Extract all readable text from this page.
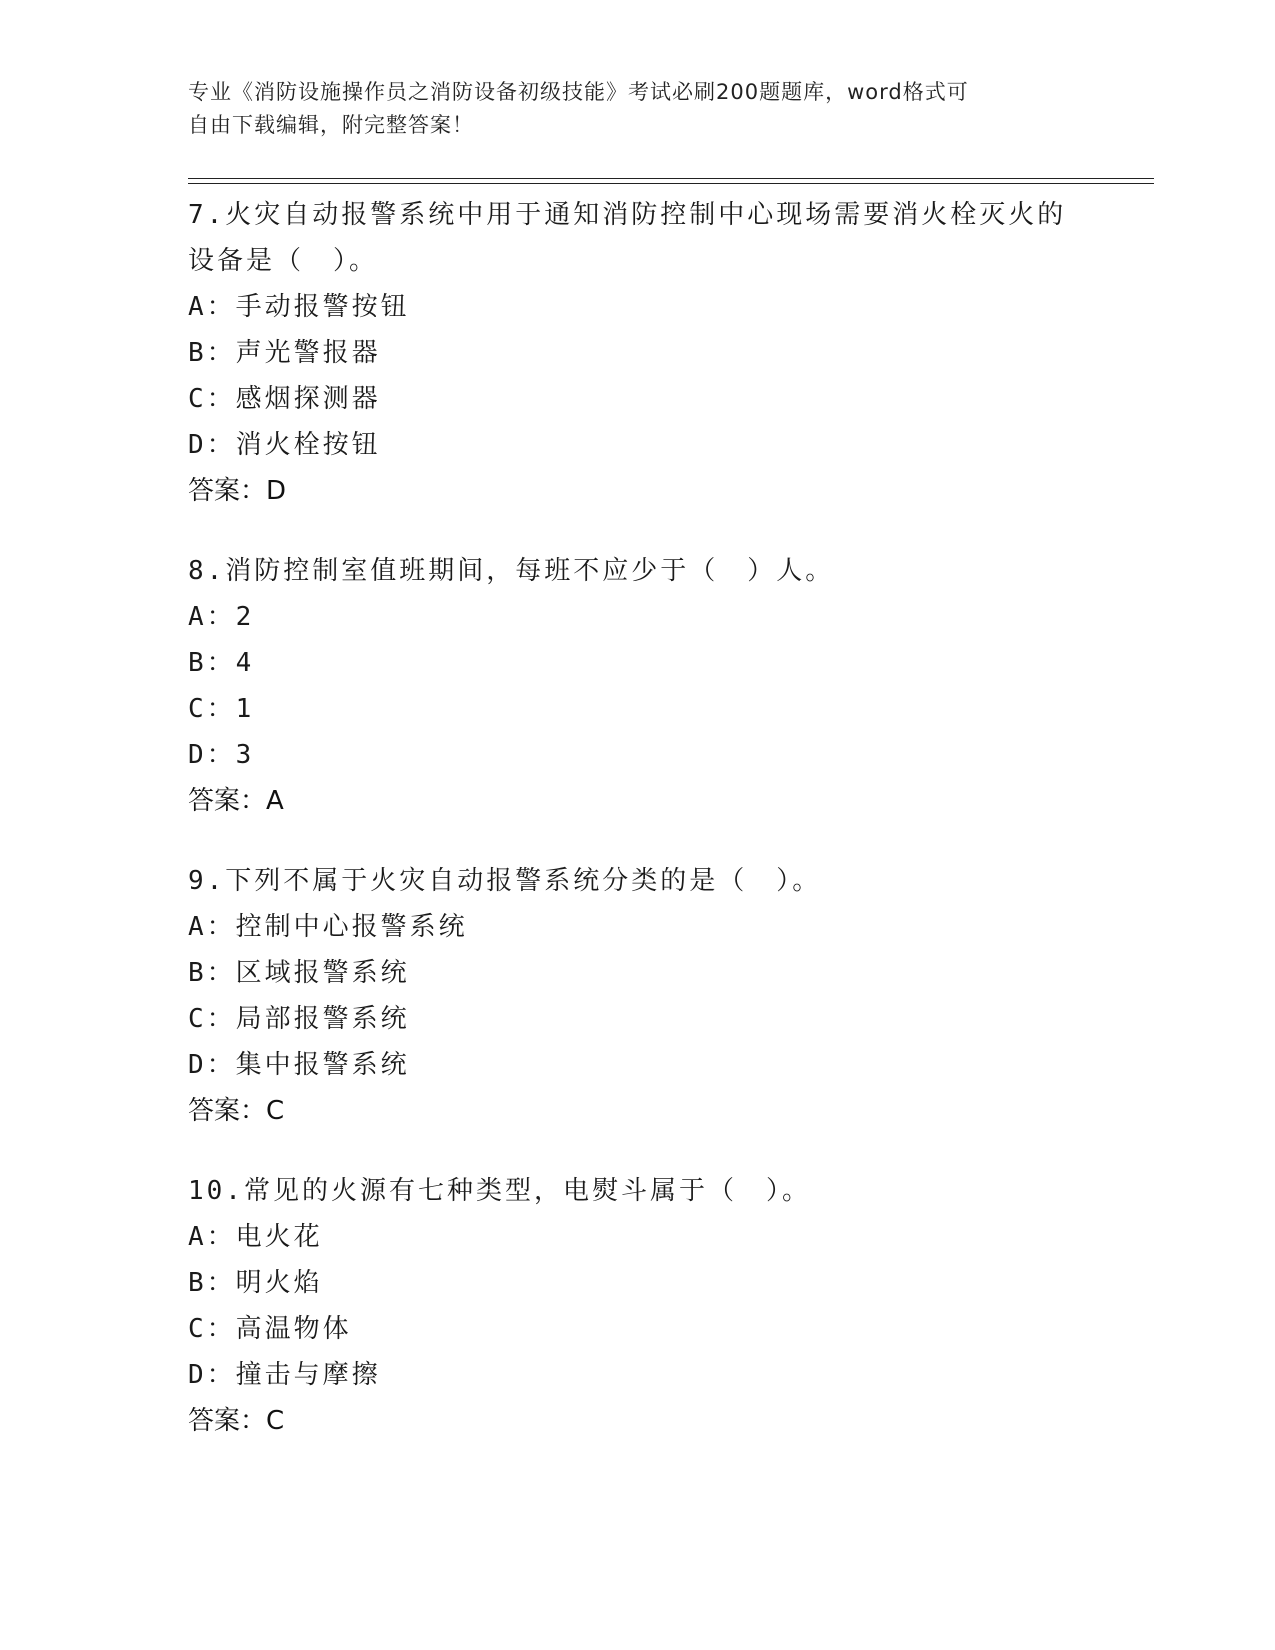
专业《消防设施操作员之消防设备初级技能》考试必刷200题题库，word格式可
自由下载编辑，附完整答案！
7.火灾自动报警系统中用于通知消防控制中心现场需要消火栓灭火的设备是（　）。
A：手动报警按钮
B：声光警报器
C：感烟探测器
D：消火栓按钮
答案：D
8.消防控制室值班期间，每班不应少于（　）人。
A：2
B：4
C：1
D：3
答案：A
9.下列不属于火灾自动报警系统分类的是（　）。
A：控制中心报警系统
B：区域报警系统
C：局部报警系统
D：集中报警系统
答案：C
10.常见的火源有七种类型，电熨斗属于（　）。
A：电火花
B：明火焰
C：高温物体
D：撞击与摩擦
答案：C
